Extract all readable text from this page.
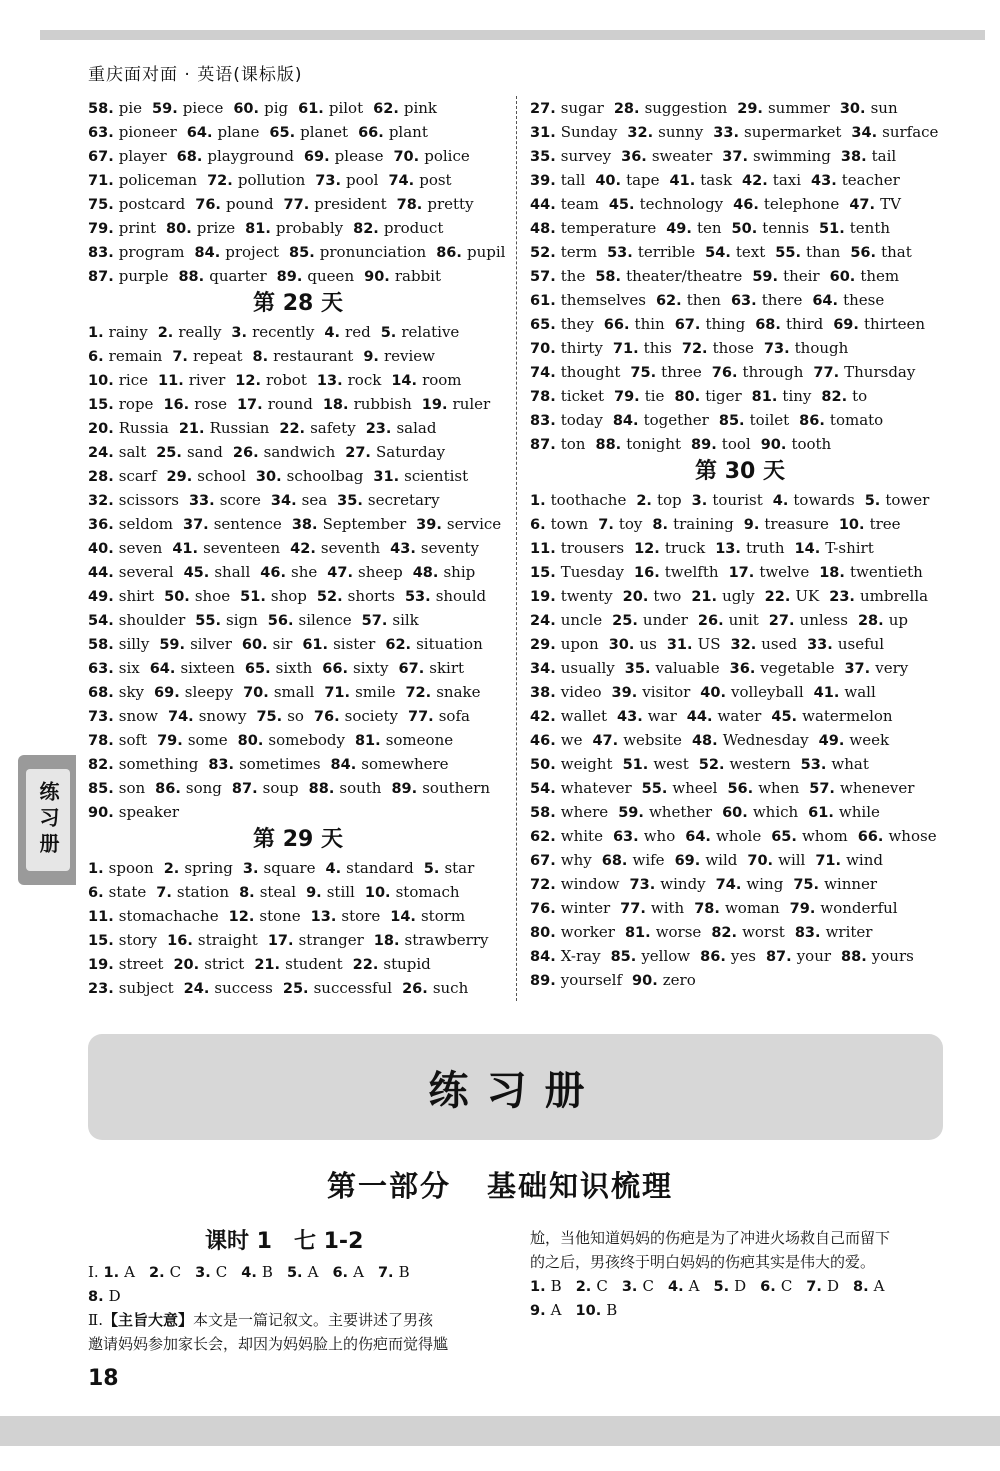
重庆面对面 · 英语(课标版)
58 . pie 59 . piece 60 . pig 61 . pilot 62 . pink
63 . pioneer 64 . plane 65 . planet 66 . plant
67 . player 68 . playground 69 . please 70 . police
71 . policeman 72 . pollution 73 . pool 74 . post
75 . postcard 76 . pound 77 . president 78 . pretty
79 . print 80 . prize 81 . probably 82 . product
83 . program 84 . project 85 . pronunciation 86 . pupil
87 . purple 88 . quarter 89 . queen 90 . rabbit
第 28 天
1 . rainy 2 . really 3 . recently 4 . red 5 . relative
6 . remain 7 . repeat 8 . restaurant 9 . review
10 . rice 11 . river 12 . robot 13 . rock 14 . room
15 . rope 16 . rose 17 . round 18 . rubbish 19 . ruler
20 . Russia 21 . Russian 22 . safety 23 . salad
24 . salt 25 . sand 26 . sandwich 27 . Saturday
28 . scarf 29 . school 30 . schoolbag 31 . scientist
32 . scissors 33 . score 34 . sea 35 . secretary
36 . seldom 37 . sentence 38 . September 39 . service
40 . seven 41 . seventeen 42 . seventh 43 . seventy
44 . several 45 . shall 46 . she 47 . sheep 48 . ship
49 . shirt 50 . shoe 51 . shop 52 . shorts 53 . should
54 . shoulder 55 . sign 56 . silence 57 . silk
58 . silly 59 . silver 60 . sir 61 . sister 62 . situation
63 . six 64 . sixteen 65 . sixth 66 . sixty 67 . skirt
68 . sky 69 . sleepy 70 . small 71 . smile 72 . snake
73 . snow 74 . snowy 75 . so 76 . society 77 . sofa
78 . soft 79 . some 80 . somebody 81 . someone
82 . something 83 . sometimes 84 . somewhere
85 . son 86 . song 87 . soup 88 . south 89 . southern
90 . speaker
第 29 天
1 . spoon 2 . spring 3 . square 4 . standard 5 . star
6 . state 7 . station 8 . steal 9 . still 10 . stomach
11 . stomachache 12 . stone 13 . store 14 . storm
15 . story 16 . straight 17 . stranger 18 . strawberry
19 . street 20 . strict 21 . student 22 . stupid
23 . subject 24 . success 25 . successful 26 . such
27 . sugar 28 . suggestion 29 . summer 30 . sun
31 . Sunday 32 . sunny 33 . supermarket 34 . surface
35 . survey 36 . sweater 37 . swimming 38 . tail
39 . tall 40 . tape 41 . task 42 . taxi 43 . teacher
44 . team 45 . technology 46 . telephone 47 . TV
48 . temperature 49 . ten 50 . tennis 51 . tenth
52 . term 53 . terrible 54 . text 55 . than 56 . that
57 . the 58 . theater/theatre 59 . their 60 . them
61 . themselves 62 . then 63 . there 64 . these
65 . they 66 . thin 67 . thing 68 . third 69 . thirteen
70 . thirty 71 . this 72 . those 73 . though
74 . thought 75 . three 76 . through 77 . Thursday
78 . ticket 79 . tie 80 . tiger 81 . tiny 82 . to
83 . today 84 . together 85 . toilet 86 . tomato
87 . ton 88 . tonight 89 . tool 90 . tooth
第 30 天
1 . toothache 2 . top 3 . tourist 4 . towards 5 . tower
6 . town 7 . toy 8 . training 9 . treasure 10 . tree
11 . trousers 12 . truck 13 . truth 14 . T-shirt
15 . Tuesday 16 . twelfth 17 . twelve 18 . twentieth
19 . twenty 20 . two 21 . ugly 22 . UK 23 . umbrella
24 . uncle 25 . under 26 . unit 27 . unless 28 . up
29 . upon 30 . us 31 . US 32 . used 33 . useful
34 . usually 35 . valuable 36 . vegetable 37 . very
38 . video 39 . visitor 40 . volleyball 41 . wall
42 . wallet 43 . war 44 . water 45 . watermelon
46 . we 47 . website 48 . Wednesday 49 . week
50 . weight 51 . west 52 . western 53 . what
54 . whatever 55 . wheel 56 . when 57 . whenever
58 . where 59 . whether 60 . which 61 . while
62 . white 63 . who 64 . whole 65 . whom 66 . whose
67 . why 68 . wife 69 . wild 70 . will 71 . wind
72 . window 73 . windy 74 . wing 75 . winner
76 . winter 77 . with 78 . woman 79 . wonderful
80 . worker 81 . worse 82 . worst 83 . writer
84 . X-ray 85 . yellow 86 . yes 87 . your 88 . yours
89 . yourself 90 . zero
练习册
练习册
第一部分 基础知识梳理
课时 1　七 1-2
Ⅰ. 1 . A 2 . C 3 . C 4 . B 5 . A 6 . A 7 . B
8 . D
Ⅱ.【主旨大意】本文是一篇记叙文。主要讲述了男孩
邀请妈妈参加家长会，却因为妈妈脸上的伤疤而觉得尴
尬，当他知道妈妈的伤疤是为了冲进火场救自己而留下
的之后，男孩终于明白妈妈的伤疤其实是伟大的爱。
1 . B 2 . C 3 . C 4 . A 5 . D 6 . C 7 . D 8 . A
9 . A 10 . B
18
